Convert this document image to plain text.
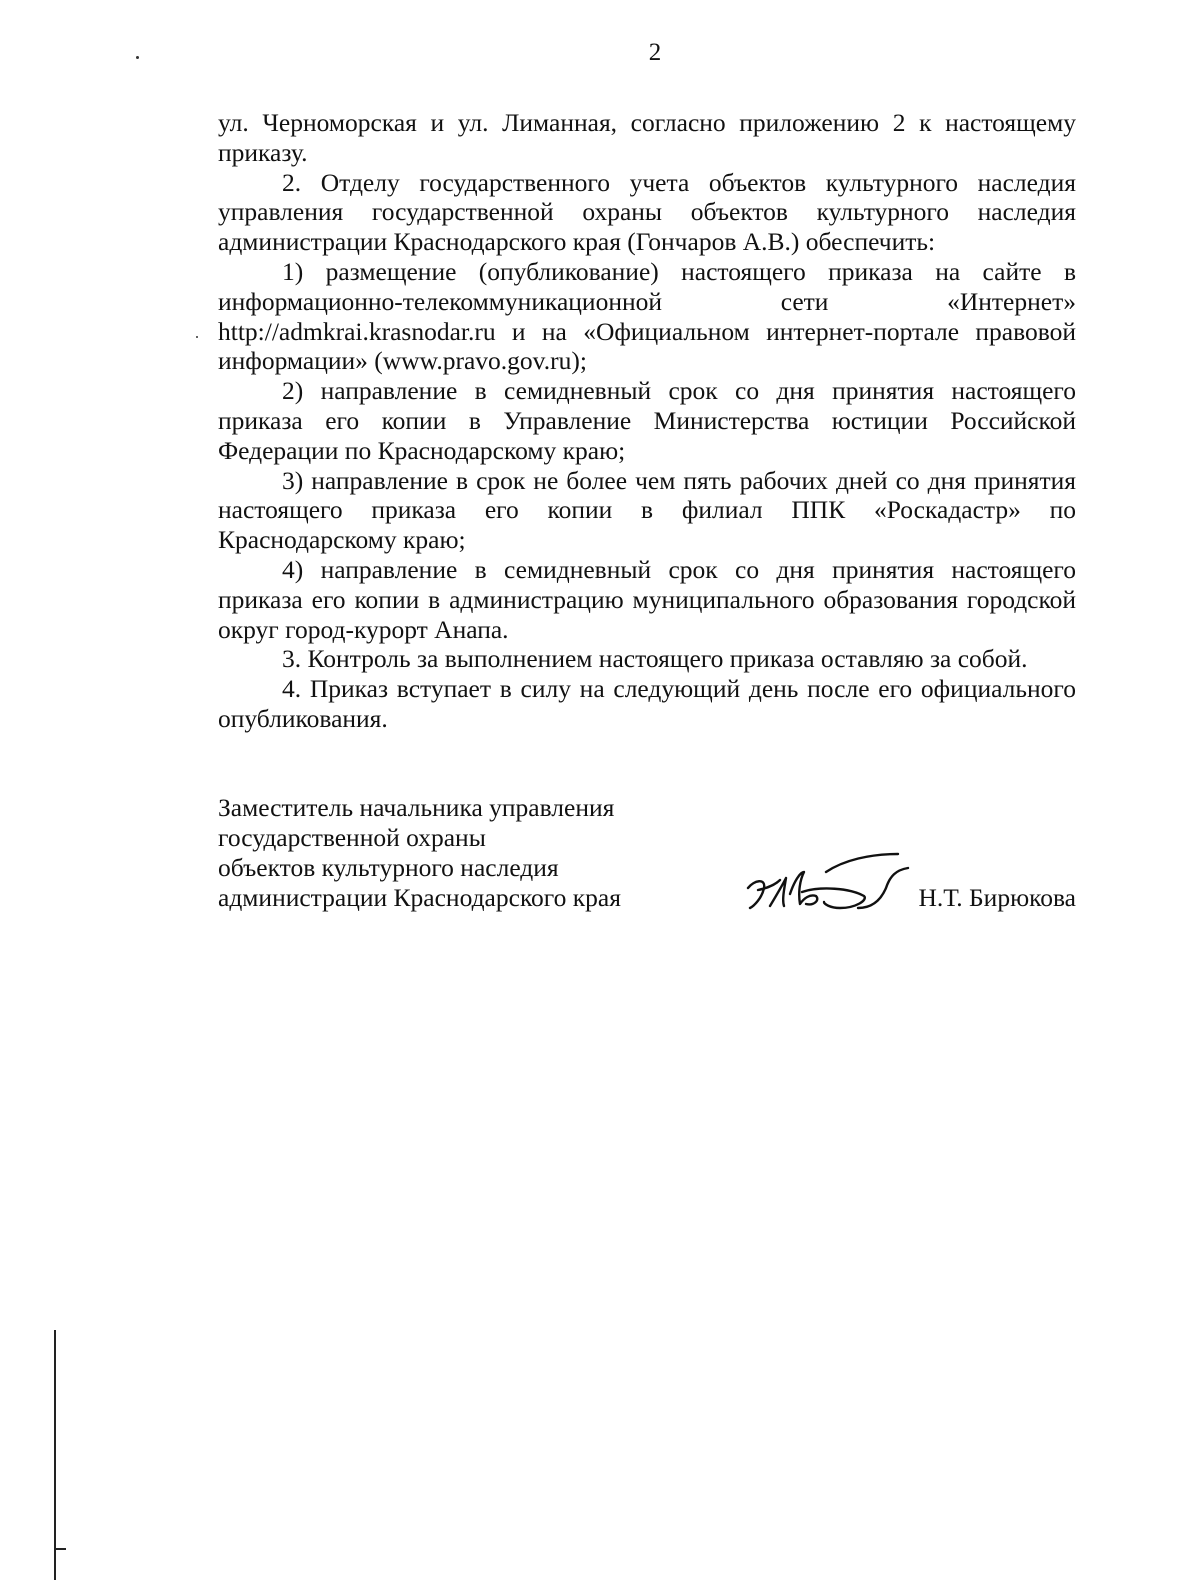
2

ул. Черноморская и ул. Лиманная, согласно приложению 2 к настоящему приказу.

2. Отделу государственного учета объектов культурного наследия управления государственной охраны объектов культурного наследия администрации Краснодарского края (Гончаров А.В.) обеспечить:

1) размещение (опубликование) настоящего приказа на сайте в информационно-телекоммуникационной сети «Интернет»

http://admkrai.krasnodar.ru и на «Официальном интернет-портале правовой информации» (www.pravo.gov.ru);

2) направление в семидневный срок со дня принятия настоящего приказа его копии в Управление Министерства юстиции Российской Федерации по Краснодарскому краю;

3) направление в срок не более чем пять рабочих дней со дня принятия настоящего приказа его копии в филиал ППК «Роскадастр» по Краснодарскому краю;

4) направление в семидневный срок со дня принятия настоящего приказа его копии в администрацию муниципального образования городской округ город-курорт Анапа.

3. Контроль за выполнением настоящего приказа оставляю за собой.

4. Приказ вступает в силу на следующий день после его официального опубликования.

Заместитель начальника управления
государственной охраны
объектов культурного наследия
администрации Краснодарского края	Н.Т. Бирюкова
